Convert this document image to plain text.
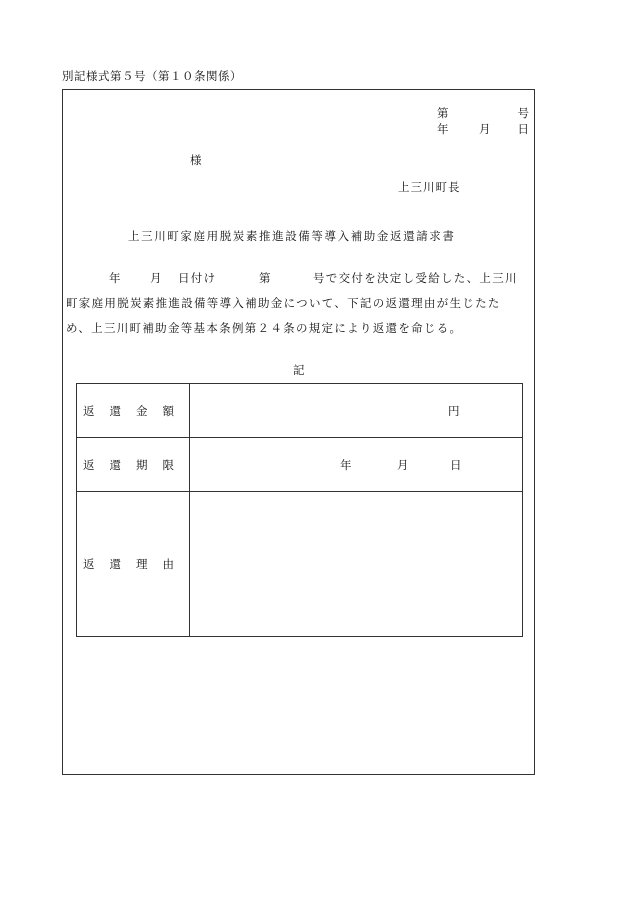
別記様式第５号（第１０条関係）
第	号
年	月 日
様
上三川町長
上三川町家庭用脱炭素推進設備等導入補助金返還請求書
年 月 日付け	第	号で交付を決定し受給した、上三川
町家庭用脱炭素推進設備等導入補助金について、下記の返還理由が生じたた
め、上三川町補助金等基本条例第２４条の規定により返還を命じる。
記
返還金額	円

返還期限	年 月 日

返還理由	
